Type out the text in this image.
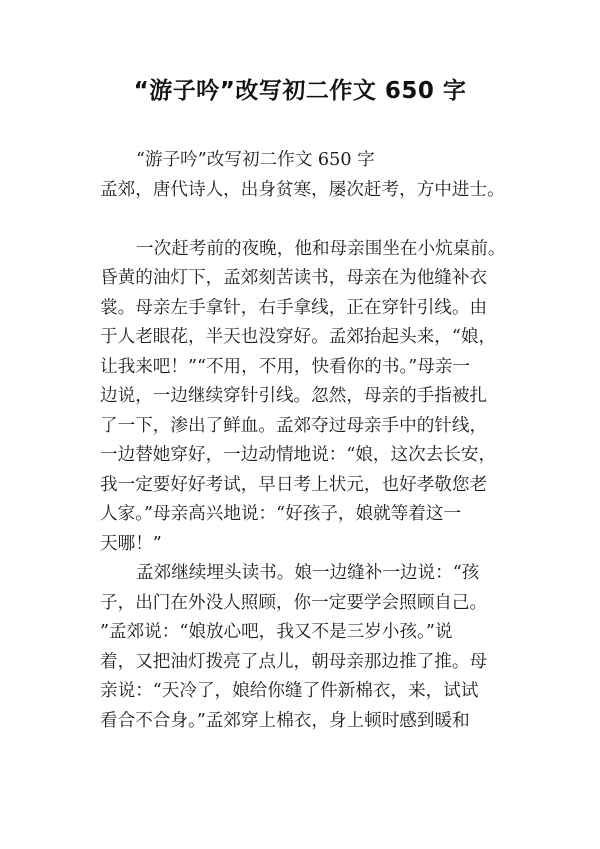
“游子吟”改写初二作文 650 字
“游子吟”改写初二作文 650 字
孟郊，唐代诗人，出身贫寒，屡次赶考，方中进士。
一次赶考前的夜晚，他和母亲围坐在小炕桌前。
昏黄的油灯下，孟郊刻苦读书，母亲在为他缝补衣
裳。母亲左手拿针，右手拿线，正在穿针引线。由
于人老眼花，半天也没穿好。孟郊抬起头来，“娘，
让我来吧！”“不用，不用，快看你的书。”母亲一
边说，一边继续穿针引线。忽然，母亲的手指被扎
了一下，渗出了鲜血。孟郊夺过母亲手中的针线，
一边替她穿好，一边动情地说：“娘，这次去长安，
我一定要好好考试，早日考上状元，也好孝敬您老
人家。”母亲高兴地说：“好孩子，娘就等着这一
天哪！”
孟郊继续埋头读书。娘一边缝补一边说：“孩
子，出门在外没人照顾，你一定要学会照顾自己。
”孟郊说：“娘放心吧，我又不是三岁小孩。”说
着，又把油灯拨亮了点儿，朝母亲那边推了推。母
亲说：“天冷了，娘给你缝了件新棉衣，来，试试
看合不合身。”孟郊穿上棉衣，身上顿时感到暖和
